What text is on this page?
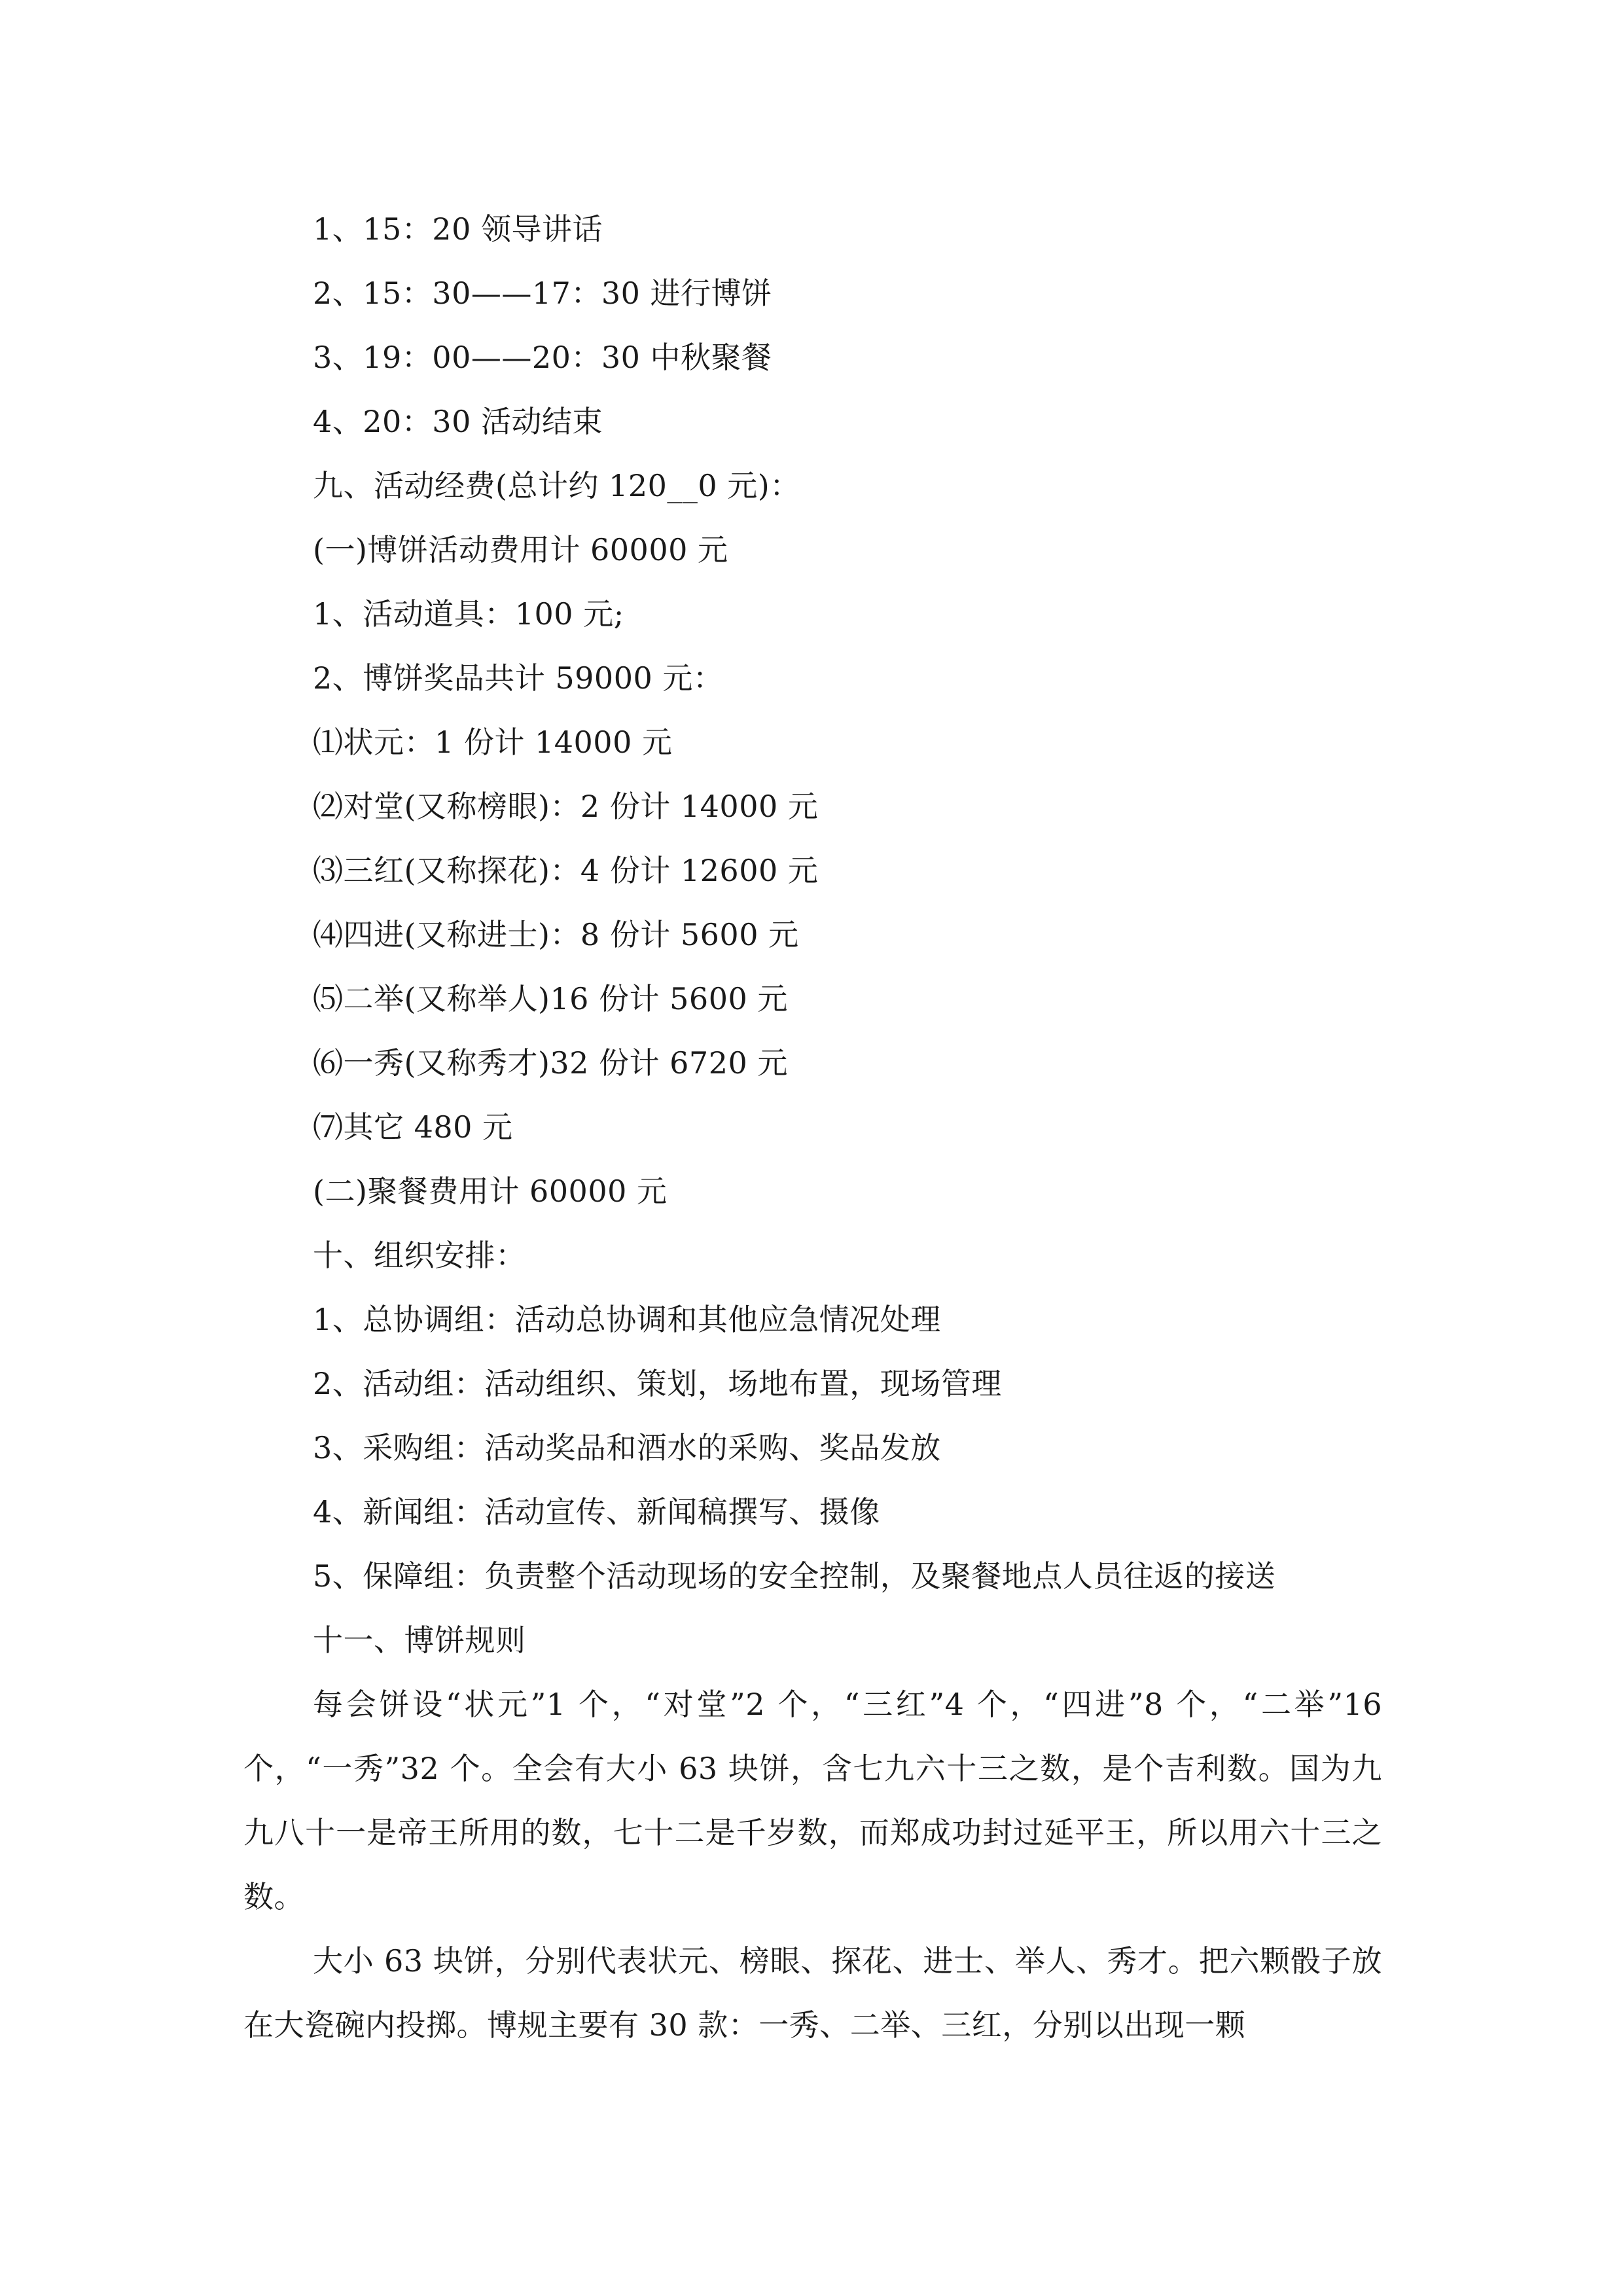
1、15：20 领导讲话
2、15：30——17：30 进行博饼
3、19：00——20：30 中秋聚餐
4、20：30 活动结束
九、活动经费(总计约 120__0 元)：
(一)博饼活动费用计 60000 元
1、活动道具：100 元;
2、博饼奖品共计 59000 元：
⑴状元：1 份计 14000 元
⑵对堂(又称榜眼)：2 份计 14000 元
⑶三红(又称探花)：4 份计 12600 元
⑷四进(又称进士)：8 份计 5600 元
⑸二举(又称举人)16 份计 5600 元
⑹一秀(又称秀才)32 份计 6720 元
⑺其它 480 元
(二)聚餐费用计 60000 元
十、组织安排：
1、总协调组：活动总协调和其他应急情况处理
2、活动组：活动组织、策划，场地布置，现场管理
3、采购组：活动奖品和酒水的采购、奖品发放
4、新闻组：活动宣传、新闻稿撰写、摄像
5、保障组：负责整个活动现场的安全控制，及聚餐地点人员往返的接送
十一、博饼规则
每会饼设“状元”1 个，“对堂”2 个，“三红”4 个，“四进”8 个，“二举”16 个，“一秀”32 个。全会有大小 63 块饼，含七九六十三之数，是个吉利数。国为九九八十一是帝王所用的数，七十二是千岁数，而郑成功封过延平王，所以用六十三之数。
大小 63 块饼，分别代表状元、榜眼、探花、进士、举人、秀才。把六颗骰子放在大瓷碗内投掷。博规主要有 30 款：一秀、二举、三红，分别以出现一颗
